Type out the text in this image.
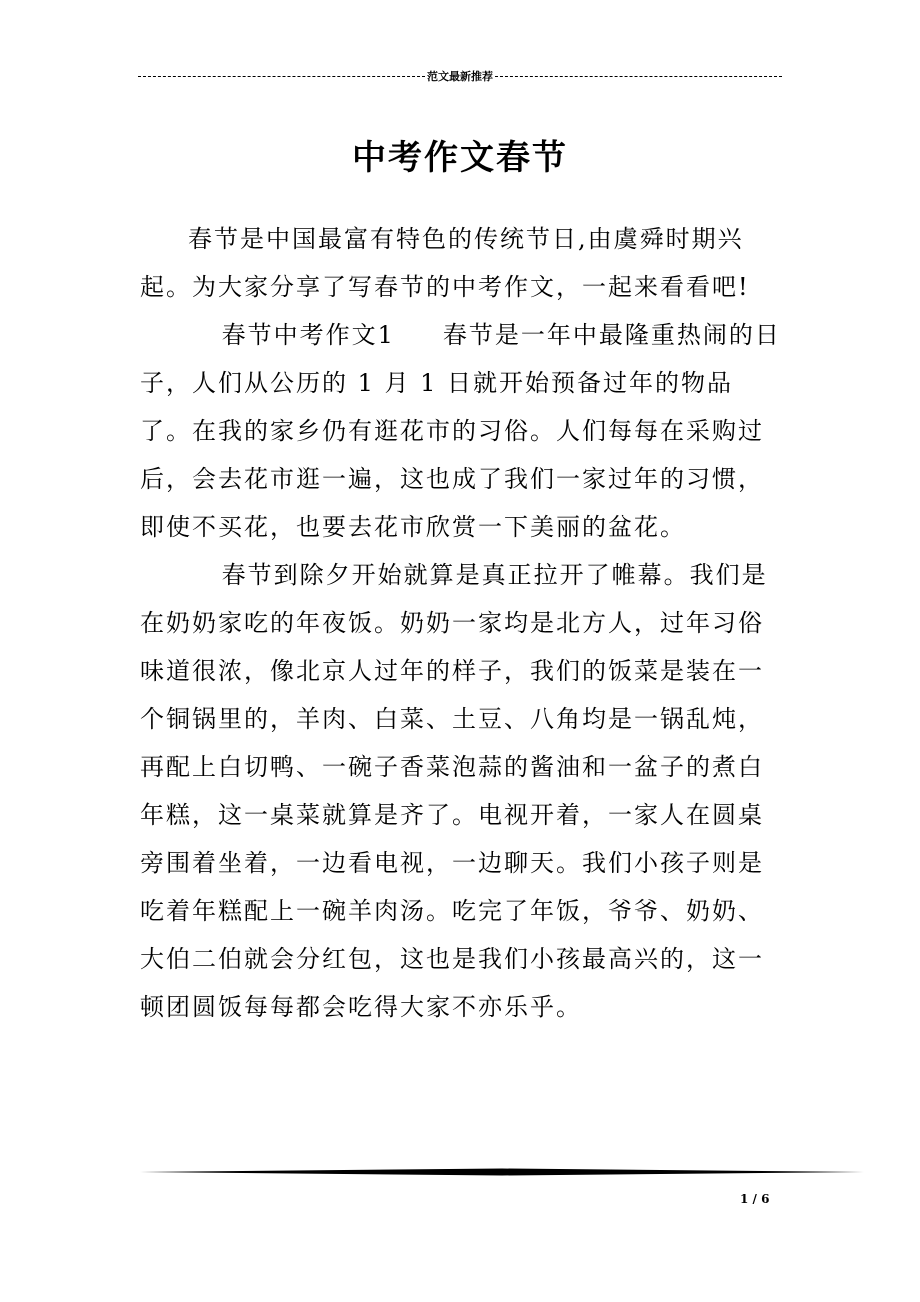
范文最新推荐
中考作文春节

春节是中国最富有特色的传统节日,由虞舜时期兴起。为大家分享了写春节的中考作文，一起来看看吧!

春节中考作文1 春节是一年中最隆重热闹的日子，人们从公历的 1 月 1 日就开始预备过年的物品了。在我的家乡仍有逛花市的习俗。人们每每在采购过后，会去花市逛一遍，这也成了我们一家过年的习惯，即使不买花，也要去花市欣赏一下美丽的盆花。

春节到除夕开始就算是真正拉开了帷幕。我们是在奶奶家吃的年夜饭。奶奶一家均是北方人，过年习俗味道很浓，像北京人过年的样子，我们的饭菜是装在一个铜锅里的，羊肉、白菜、土豆、八角均是一锅乱炖，再配上白切鸭、一碗子香菜泡蒜的酱油和一盆子的煮白年糕，这一桌菜就算是齐了。电视开着，一家人在圆桌旁围着坐着，一边看电视，一边聊天。我们小孩子则是吃着年糕配上一碗羊肉汤。吃完了年饭，爷爷、奶奶、大伯二伯就会分红包，这也是我们小孩最高兴的，这一顿团圆饭每每都会吃得大家不亦乐乎。

1 / 6
